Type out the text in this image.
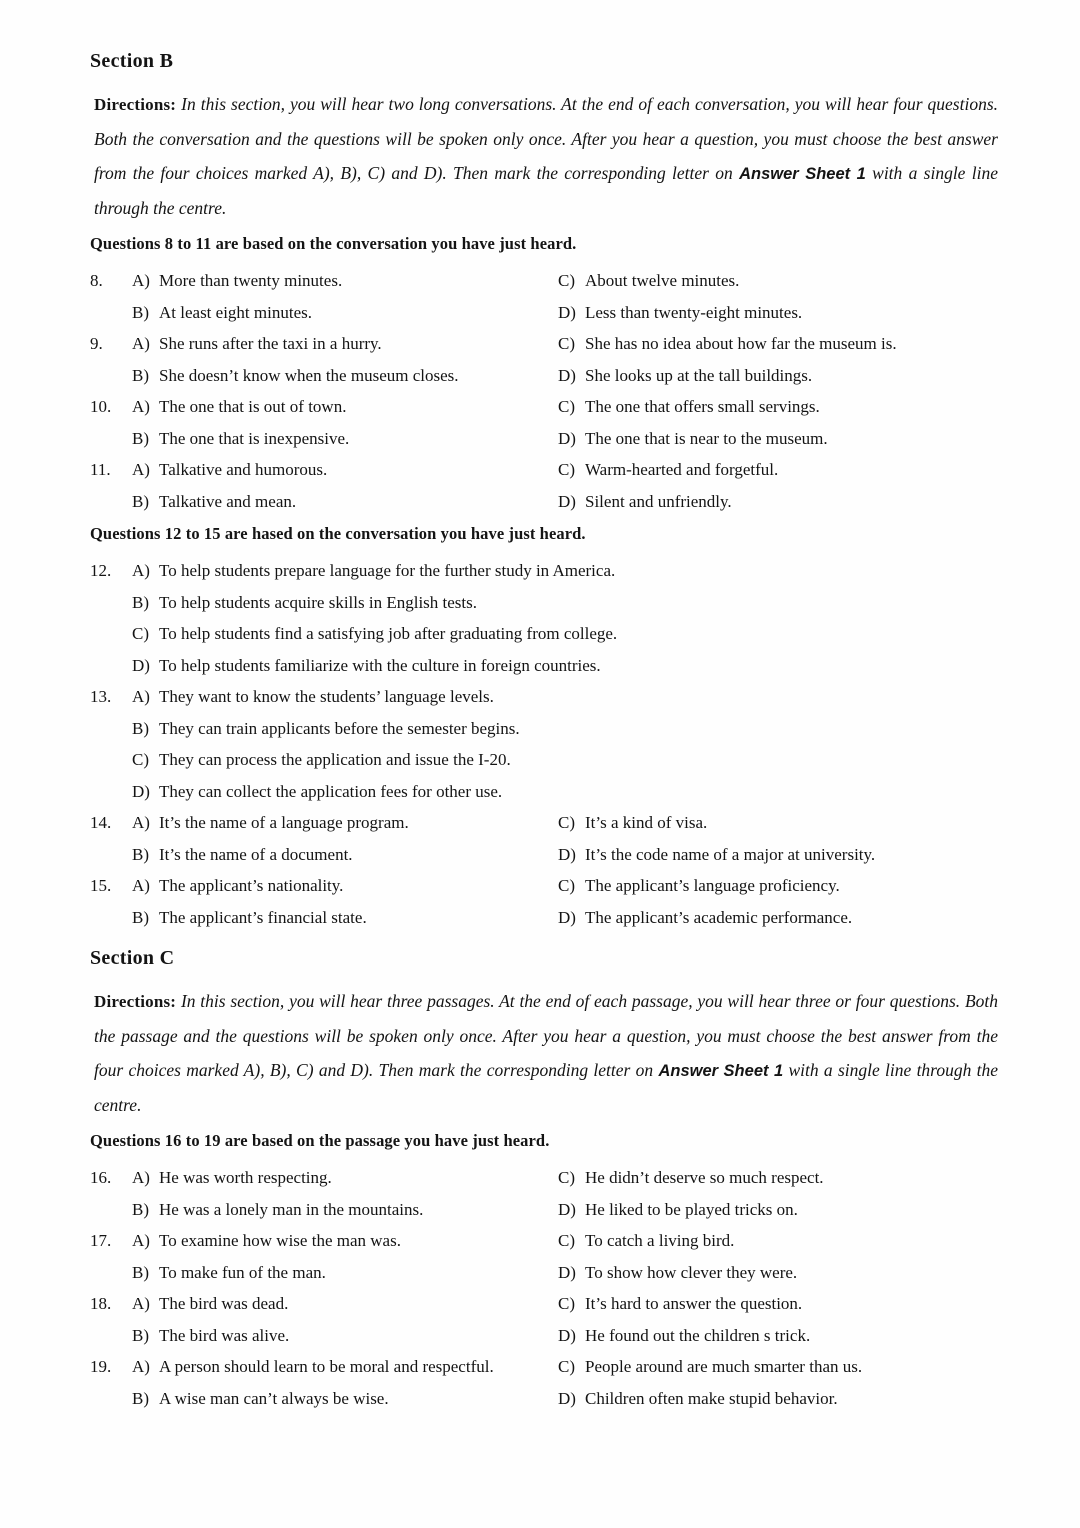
Section B

Directions: In this section, you will hear two long conversations. At the end of each conversation, you will hear four questions. Both the conversation and the questions will be spoken only once. After you hear a question, you must choose the best answer from the four choices marked A), B), C) and D). Then mark the corresponding letter on Answer Sheet 1 with a single line through the centre.

Questions 8 to 11 are based on the conversation you have just heard.
8.	A) More than twenty minutes.	C) About twelve minutes.
B) At least eight minutes.	D) Less than twenty-eight minutes.
9.	A) She runs after the taxi in a hurry.	C) She has no idea about how far the museum is.
B) She doesn’t know when the museum closes.	D) She looks up at the tall buildings.
10.	A) The one that is out of town.	C) The one that offers small servings.
B) The one that is inexpensive.	D) The one that is near to the museum.
11.	A) Talkative and humorous.	C) Warm-hearted and forgetful.
B) Talkative and mean.	D) Silent and unfriendly.
Questions 12 to 15 are hased on the conversation you have just heard.
12.	A) To help students prepare language for the further study in America.
B) To help students acquire skills in English tests.
C) To help students find a satisfying job after graduating from college.
D) To help students familiarize with the culture in foreign countries.
13.	A) They want to know the students’ language levels.
B) They can train applicants before the semester begins.
C) They can process the application and issue the I-20.
D) They can collect the application fees for other use.
14.	A) It’s the name of a language program.	C) It’s a kind of visa.
B) It’s the name of a document.	D) It’s the code name of a major at university.
15.	A) The applicant’s nationality.	C) The applicant’s language proficiency.
B) The applicant’s financial state.	D) The applicant’s academic performance.
Section C

Directions: In this section, you will hear three passages. At the end of each passage, you will hear three or four questions. Both the passage and the questions will be spoken only once. After you hear a question, you must choose the best answer from the four choices marked A), B), C) and D). Then mark the corresponding letter on Answer Sheet 1 with a single line through the centre.

Questions 16 to 19 are based on the passage you have just heard.
16.	A) He was worth respecting.	C) He didn’t deserve so much respect.
B) He was a lonely man in the mountains.	D) He liked to be played tricks on.
17.	A) To examine how wise the man was.	C) To catch a living bird.
B) To make fun of the man.	D) To show how clever they were.
18.	A) The bird was dead.	C) It’s hard to answer the question.
B) The bird was alive.	D) He found out the children s trick.
19.	A) A person should learn to be moral and respectful.	C) People around are much smarter than us.
B) A wise man can’t always be wise.	D) Children often make stupid behavior.
